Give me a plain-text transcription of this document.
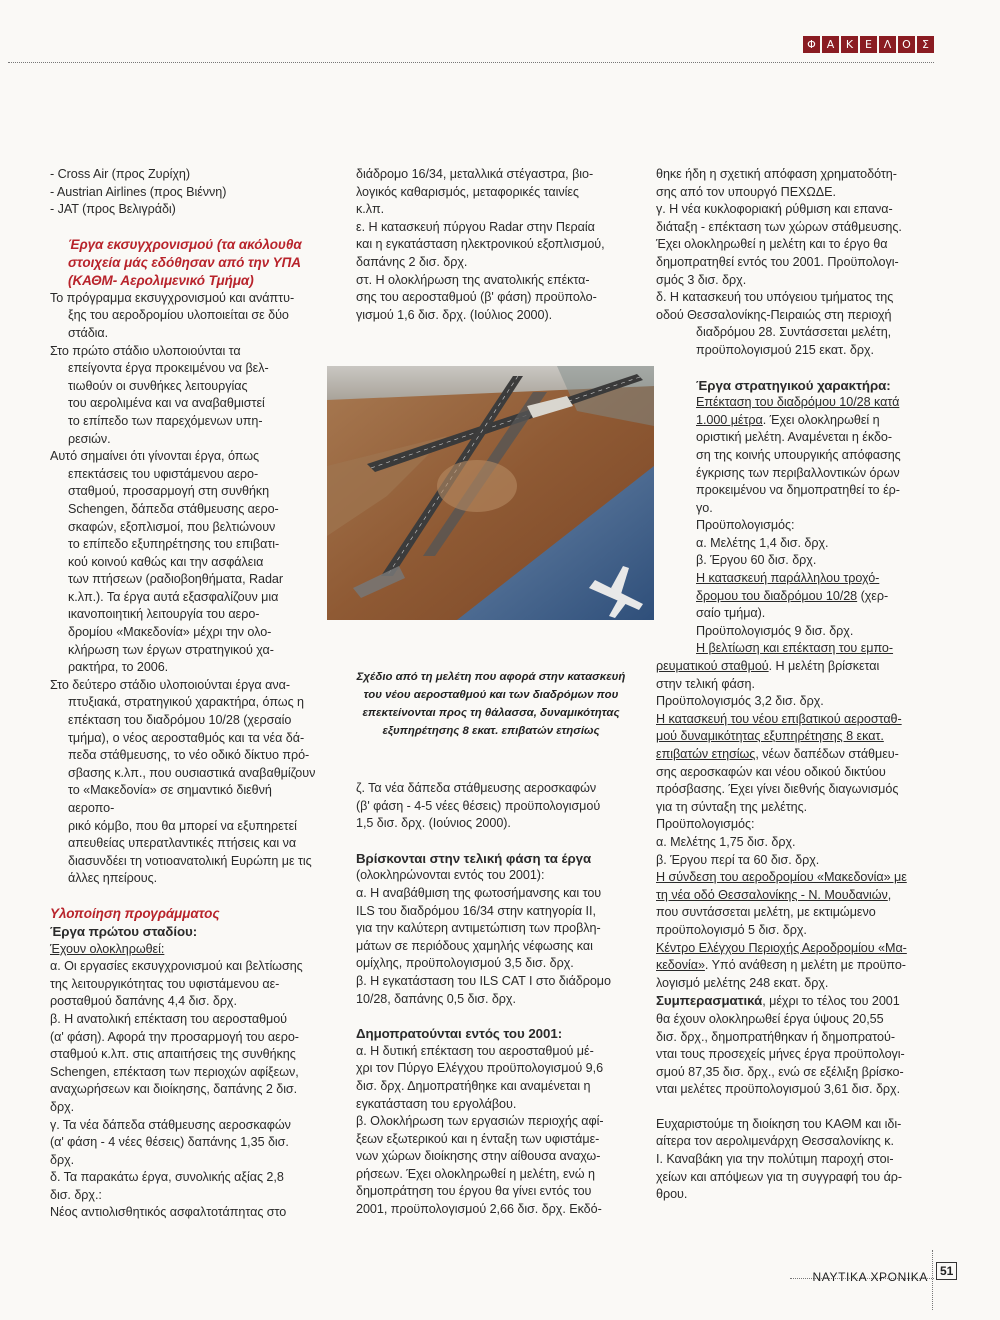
Φ Α	Κ	Ε	Λ Ο	Σ

- Cross Air (προς Ζυρίχη)

- Austrian Airlines (προς Βιέννη)

- JAT (προς Βελιγράδι)

Έργα εκσυγχρονισμού (τα ακόλουθα

στοιχεία μάς εδόθησαν από την ΥΠΑ

(ΚΑΘΜ- Αερολιμενικό Τμήμα)

Το πρόγραμμα εκσυγχρονισμού και ανάπτυ-

ξης του αεροδρομίου υλοποιείται σε δύο

στάδια.

Στο πρώτο στάδιο υλοποιούνται τα

επείγοντα έργα προκειμένου να βελ-

τιωθούν οι συνθήκες λειτουργίας

του αερολιμένα και να αναβαθμιστεί

το επίπεδο των παρεχόμενων υπη-

ρεσιών.

Αυτό σημαίνει ότι γίνονται έργα, όπως

επεκτάσεις του υφιστάμενου αερο-

σταθμού, προσαρμογή στη συνθήκη

Schengen, δάπεδα στάθμευσης αερο-

σκαφών, εξοπλισμοί, που βελτιώνουν

το επίπεδο εξυπηρέτησης του επιβατι-

κού κοινού καθώς και την ασφάλεια

των πτήσεων (ραδιοβοηθήματα, Radar

κ.λπ.). Τα έργα αυτά εξασφαλίζουν μια

ικανοποιητική λειτουργία του αερο-

δρομίου «Μακεδονία» μέχρι την ολο-

κλήρωση των έργων στρατηγικού χα-

ρακτήρα, το 2006.

Στο δεύτερο στάδιο υλοποιούνται έργα ανα-

πτυξιακά, στρατηγικού χαρακτήρα, όπως η

επέκταση του διαδρόμου 10/28 (χερσαίο

τμήμα), ο νέος αεροσταθμός και τα νέα δά-

πεδα στάθμευσης, το νέο οδικό δίκτυο πρό-

σβασης κ.λπ., που ουσιαστικά αναβαθμίζουν

το «Μακεδονία» σε σημαντικό διεθνή αεροπο-

ρικό κόμβο, που θα μπορεί να εξυπηρετεί

απευθείας υπερατλαντικές πτήσεις και να

διασυνδέει τη νοτιοανατολική Ευρώπη με τις

άλλες ηπείρους.

Υλοποίηση προγράμματος

Έργα πρώτου σταδίου:

Έχουν ολοκληρωθεί:

α. Οι εργασίες εκσυγχρονισμού και βελτίωσης

της λειτουργικότητας του υφιστάμενου αε-

ροσταθμού δαπάνης 4,4 δισ. δρχ.

β. Η ανατολική επέκταση του αεροσταθμού

(α' φάση). Αφορά την προσαρμογή του αερο-

σταθμού κ.λπ. στις απαιτήσεις της συνθήκης

Schengen, επέκταση των περιοχών αφίξεων,

αναχωρήσεων και διοίκησης, δαπάνης 2 δισ.

δρχ.

γ. Τα νέα δάπεδα στάθμευσης αεροσκαφών

(α' φάση - 4 νέες θέσεις) δαπάνης 1,35 δισ.

δρχ.

δ. Τα παρακάτω έργα, συνολικής αξίας 2,8

δισ. δρχ.:

Νέος αντιολισθητικός ασφαλτοτάπητας στο

διάδρομο 16/34, μεταλλικά στέγαστρα, βιο-

λογικός καθαρισμός, μεταφορικές ταινίες

κ.λπ.

ε. Η κατασκευή πύργου Radar στην Περαία

και η εγκατάσταση ηλεκτρονικού εξοπλισμού,

δαπάνης 2 δισ. δρχ.

στ. Η ολοκλήρωση της ανατολικής επέκτα-

σης του αεροσταθμού (β' φάση) προϋπολο-

γισμού 1,6 δισ. δρχ. (Ιούλιος 2000).

Σχέδιο από τη μελέτη που αφορά στην κατασκευή

του νέου αεροσταθμού και των διαδρόμων που

επεκτείνονται προς τη θάλασσα, δυναμικότητας

εξυπηρέτησης 8 εκατ. επιβατών ετησίως

ζ. Τα νέα δάπεδα στάθμευσης αεροσκαφών

(β' φάση - 4-5 νέες θέσεις) προϋπολογισμού

1,5 δισ. δρχ. (Ιούνιος 2000).

Βρίσκονται στην τελική φάση τα έργα

(ολοκληρώνονται εντός του 2001):

α. Η αναβάθμιση της φωτοσήμανσης και του

ILS του διαδρόμου 16/34 στην κατηγορία ΙΙ,

για την καλύτερη αντιμετώπιση των προβλη-

μάτων σε περιόδους χαμηλής νέφωσης και

ομίχλης, προϋπολογισμού 3,5 δισ. δρχ.

β. Η εγκατάσταση του ILS CAT I στο διάδρομο

10/28, δαπάνης 0,5 δισ. δρχ.

Δημοπρατούνται εντός του 2001:

α. Η δυτική επέκταση του αεροσταθμού μέ-

χρι τον Πύργο Ελέγχου προϋπολογισμού 9,6

δισ. δρχ. Δημοπρατήθηκε και αναμένεται η

εγκατάσταση του εργολάβου.

β. Ολοκλήρωση των εργασιών περιοχής αφί-

ξεων εξωτερικού και η ένταξη των υφιστάμε-

νων χώρων διοίκησης στην αίθουσα αναχω-

ρήσεων. Έχει ολοκληρωθεί η μελέτη, ενώ η

δημοπράτηση του έργου θα γίνει εντός του

2001, προϋπολογισμού 2,66 δισ. δρχ. Εκδό-

θηκε ήδη η σχετική απόφαση χρηματοδότη-

σης από τον υπουργό ΠΕΧΩΔΕ.

γ. Η νέα κυκλοφοριακή ρύθμιση και επανα-

διάταξη - επέκταση των χώρων στάθμευσης.

Έχει ολοκληρωθεί η μελέτη και το έργο θα

δημοπρατηθεί εντός του 2001. Προϋπολογι-

σμός 3 δισ. δρχ.

δ. Η κατασκευή του υπόγειου τμήματος της

οδού Θεσσαλονίκης-Πειραιώς στη περιοχή

διαδρόμου 28. Συντάσσεται μελέτη,

προϋπολογισμού 215 εκατ. δρχ.

Έργα στρατηγικού χαρακτήρα:

Επέκταση του διαδρόμου 10/28 κατά

1.000 μέτρα. Έχει ολοκληρωθεί η

οριστική μελέτη. Αναμένεται η έκδο-

ση της κοινής υπουργικής απόφασης

έγκρισης των περιβαλλοντικών όρων

προκειμένου να δημοπρατηθεί το έρ-

γο.

Προϋπολογισμός:

α. Μελέτης 1,4 δισ. δρχ.

β. Έργου 60 δισ. δρχ.

Η κατασκευή παράλληλου τροχό-

δρομου του διαδρόμου 10/28 (χερ-

σαίο τμήμα).

Προϋπολογισμός 9 δισ. δρχ.

Η βελτίωση και επέκταση του εμπο-

ρευματικού σταθμού. Η μελέτη βρίσκεται

στην τελική φάση.

Προϋπολογισμός 3,2 δισ. δρχ.

Η κατασκευή του νέου επιβατικού αεροσταθ-

μού δυναμικότητας εξυπηρέτησης 8 εκατ.

επιβατών ετησίως, νέων δαπέδων στάθμευ-

σης αεροσκαφών και νέου οδικού δικτύου

πρόσβασης. Έχει γίνει διεθνής διαγωνισμός

για τη σύνταξη της μελέτης.

Προϋπολογισμός:

α. Μελέτης 1,75 δισ. δρχ.

β. Έργου περί τα 60 δισ. δρχ.

Η σύνδεση του αεροδρομίου «Μακεδονία» με

τη νέα οδό Θεσσαλονίκης - Ν. Μουδανιών,

που συντάσσεται μελέτη, με εκτιμώμενο

προϋπολογισμό 5 δισ. δρχ.

Κέντρο Ελέγχου Περιοχής Αεροδρομίου «Μα-

κεδονία». Υπό ανάθεση η μελέτη με προϋπο-

λογισμό μελέτης 248 εκατ. δρχ.

Συμπερασματικά, μέχρι το τέλος του 2001

θα έχουν ολοκληρωθεί έργα ύψους 20,55

δισ. δρχ., δημοπρατήθηκαν ή δημοπρατού-

νται τους προσεχείς μήνες έργα προϋπολογι-

σμού 87,35 δισ. δρχ., ενώ σε εξέλιξη βρίσκο-

νται μελέτες προϋπολογισμού 3,61 δισ. δρχ.

Ευχαριστούμε τη διοίκηση του ΚΑΘΜ και ιδι-

αίτερα τον αερολιμενάρχη Θεσσαλονίκης κ.

Ι. Καναβάκη για την πολύτιμη παροχή στοι-

χείων και απόψεων για τη συγγραφή του άρ-

θρου.

ΝΑΥΤΙΚΑ ΧΡΟΝΙΚΑ	51
